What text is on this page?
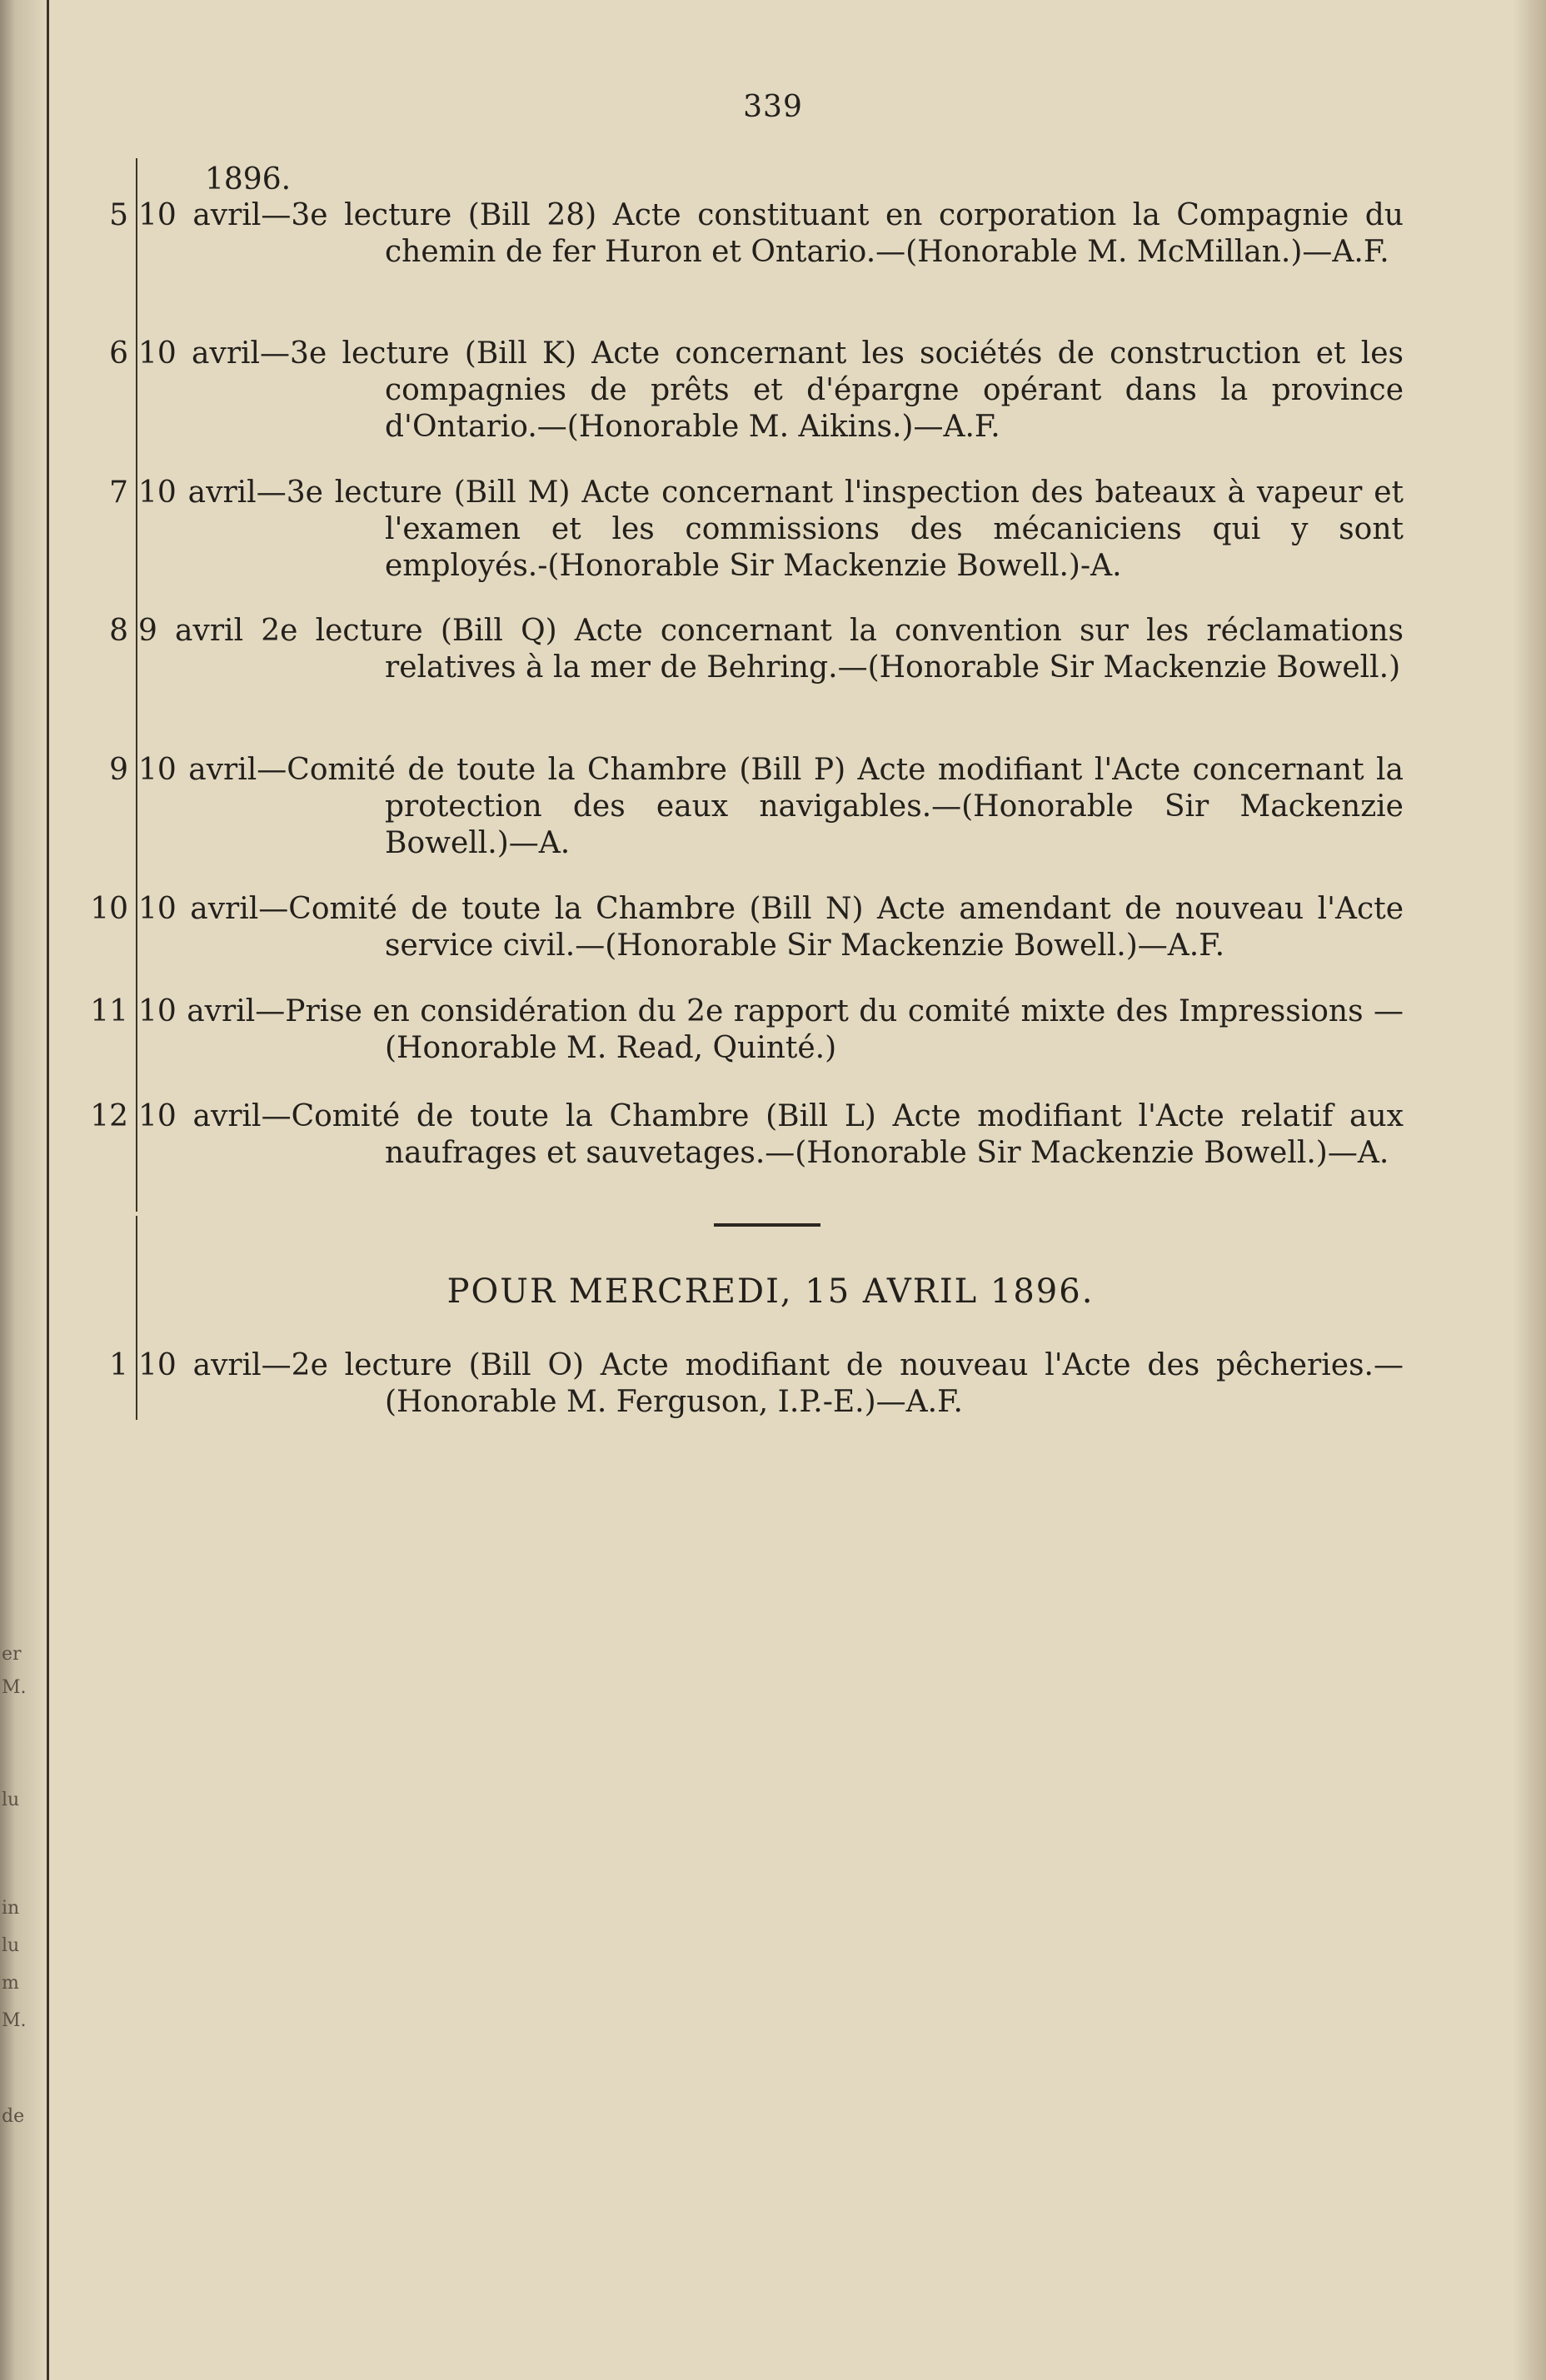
er
M.
lu
in
lu
m
M.
de
339
1896.
5 10 avril—3e lecture (Bill 28) Acte constituant en corporation la Compagnie du chemin de fer Huron et Ontario.—(Honorable M. McMillan.)—A.F.
6 10 avril—3e lecture (Bill K) Acte concernant les sociétés de construction et les compagnies de prêts et d'épargne opérant dans la province d'Ontario.—(Honorable M. Aikins.)—A.F.
7 10 avril—3e lecture (Bill M) Acte concernant l'inspection des bateaux à vapeur et l'examen et les commissions des mécaniciens qui y sont employés.-(Honorable Sir Mackenzie Bowell.)-A.
8 9 avril 2e lecture (Bill Q) Acte concernant la convention sur les réclamations relatives à la mer de Behring.—(Honorable Sir Mackenzie Bowell.)
9 10 avril—Comité de toute la Chambre (Bill P) Acte modifiant l'Acte concernant la protection des eaux navigables.—(Honorable Sir Mackenzie Bowell.)—A.
10 10 avril—Comité de toute la Chambre (Bill N) Acte amendant de nouveau l'Acte service civil.—(Honorable Sir Mackenzie Bowell.)—A.F.
11 10 avril—Prise en considération du 2e rapport du comité mixte des Impressions —(Honorable M. Read, Quinté.)
12 10 avril—Comité de toute la Chambre (Bill L) Acte modifiant l'Acte relatif aux naufrages et sauvetages.—(Honorable Sir Mackenzie Bowell.)—A.
POUR MERCREDI, 15 AVRIL 1896.
1 10 avril—2e lecture (Bill O) Acte modifiant de nouveau l'Acte des pêcheries.—(Honorable M. Ferguson, I.P.-E.)—A.F.
